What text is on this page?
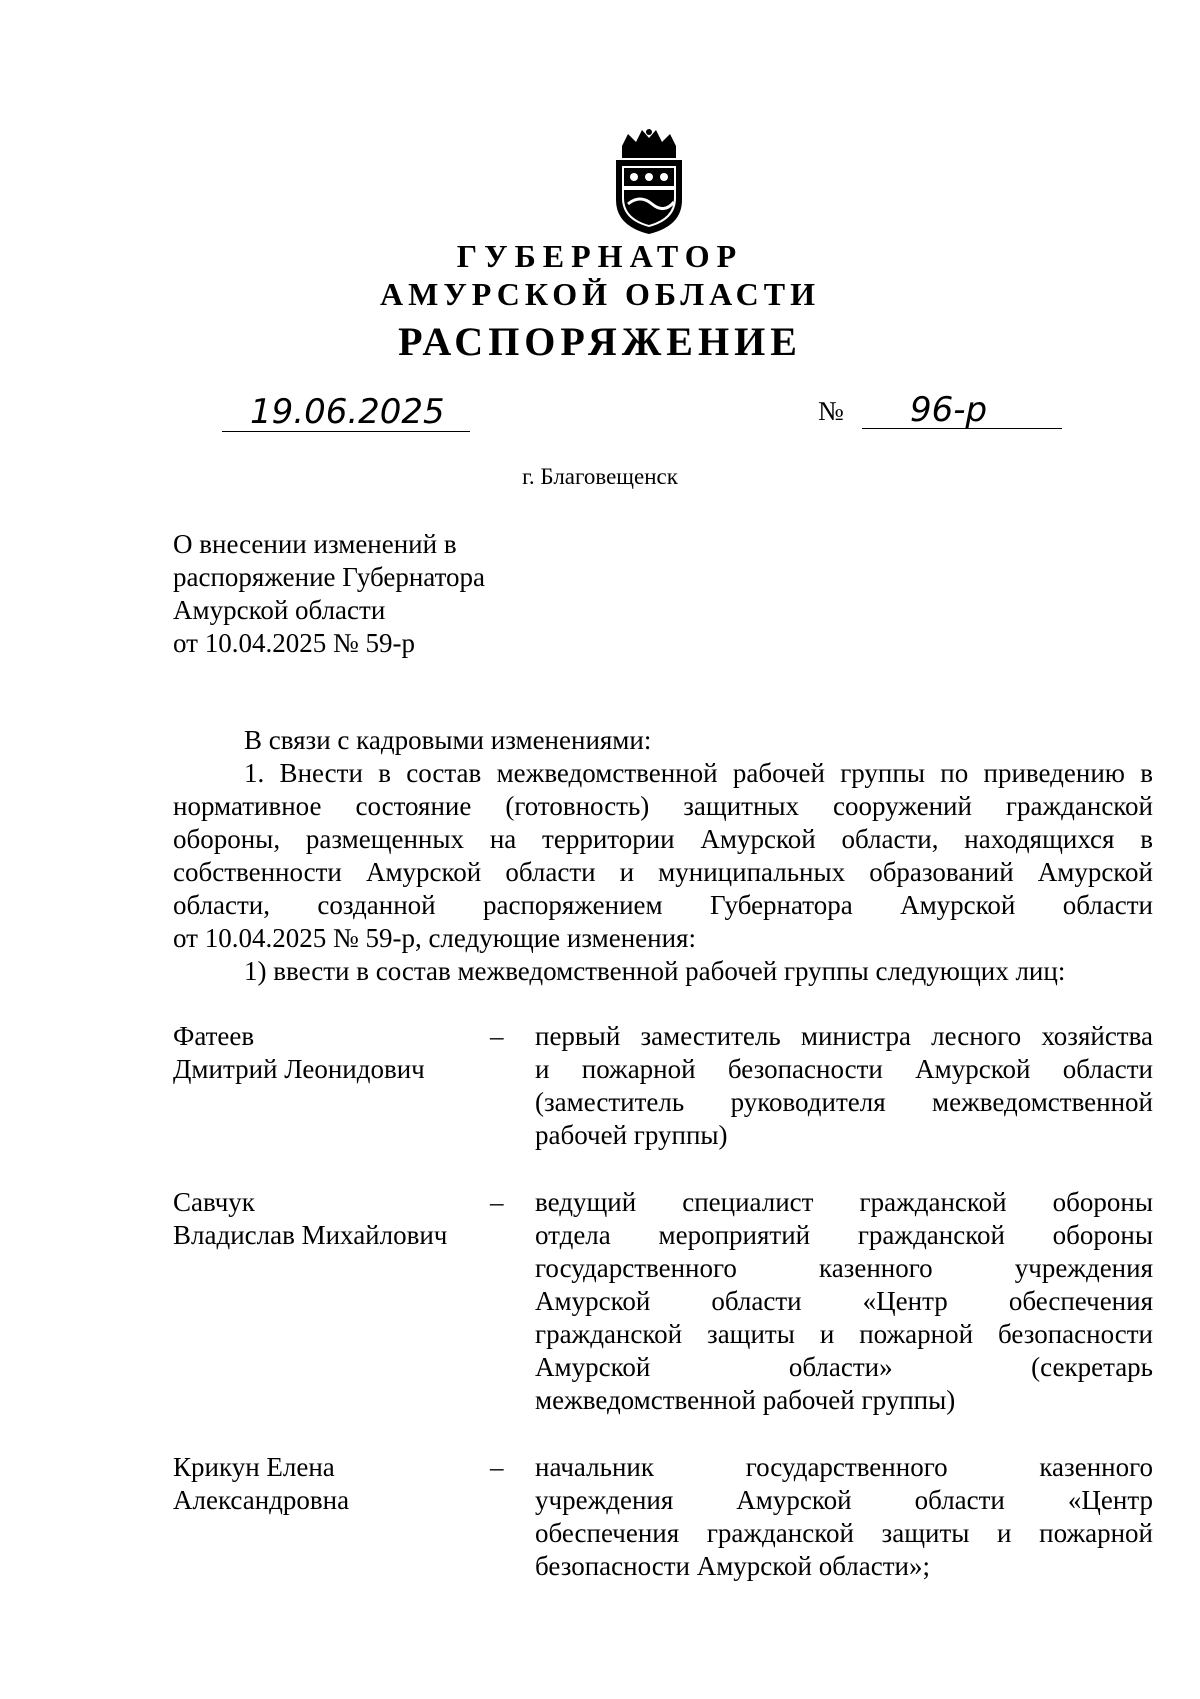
ГУБЕРНАТОР
АМУРСКОЙ ОБЛАСТИ
РАСПОРЯЖЕНИЕ
19.06.2025	№ 96-р
г. Благовещенск
О внесении изменений в
распоряжение Губернатора
Амурской области
от 10.04.2025 № 59-р
В связи с кадровыми изменениями:
1. Внести в состав межведомственной рабочей группы по приведению в
нормативное состояние (готовность) защитных сооружений гражданской
обороны, размещенных на территории Амурской области, находящихся в
собственности Амурской области и муниципальных образований Амурской
области, созданной распоряжением Губернатора Амурской области
от 10.04.2025 № 59-р, следующие изменения:
1) ввести в состав межведомственной рабочей группы следующих лиц:
Фатеев
Дмитрий Леонидович
– первый заместитель министра лесного хозяйства
и пожарной безопасности Амурской области
(заместитель руководителя межведомственной
рабочей группы)
Савчук
Владислав Михайлович
– ведущий специалист гражданской обороны
отдела мероприятий гражданской обороны
государственного казенного учреждения
Амурской области «Центр обеспечения
гражданской защиты и пожарной безопасности
Амурской области» (секретарь
межведомственной рабочей группы)
Крикун Елена
Александровна
– начальник государственного казенного
учреждения Амурской области «Центр
обеспечения гражданской защиты и пожарной
безопасности Амурской области»;
